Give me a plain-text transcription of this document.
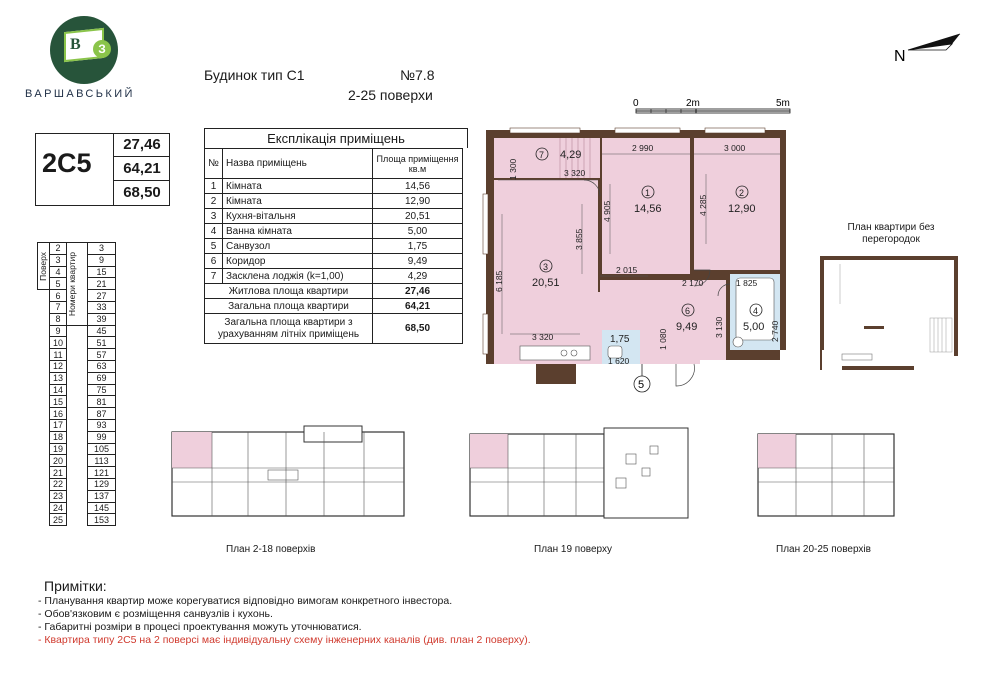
В	З
ВАРШАВСЬКИЙ
Будинок тип С1	№7.8
2-25 поверхи
2С5
27,46
64,21
68,50
Експлікація приміщень
№	Назва приміщень	Площа приміщення кв.м
1	Кімната	14,56
2	Кімната	12,90
3	Кухня-вітальня	20,51
4	Ванна кімната	5,00
5	Санвузол	1,75
6	Коридор	9,49
7	Засклена лоджія (k=1,00)	4,29
Житлова площа квартири		27,46
Загальна площа квартири		64,21
Загальна площа квартири з урахуванням літніх приміщень		68,50
Поверх	2	Номери квартир	3
	3		9
	4		15
	5		21
	6		27
	7		33
	8		39
	9		45
	10		51
	11		57
	12		63
	13		69
	14		75
	15		81
	16		87
	17		93
	18		99
	19		105
	20		113
	21		121
	22		129
	23		137
	24		145
	25		153
N
0	2m	5m
7 4,29
1
14,56
2
12,90
3
20,51
4
5,00
1,75
6
9,49
1 300	3 320
2 990	3 000
4 905	4 285
3 855
6 185
2 015
2 170	1 825
3 130	2 740
3 320
1 620
1 080
5
План квартири без перегородок
План 2-18 поверхів	План 19 поверху	План 20-25 поверхів
Примітки:
- Планування квартир може корегуватися відповідно вимогам конкретного інвестора.
- Обов'язковим є розміщення санвузлів і кухонь.
- Габаритні розміри в процесі проектування можуть уточнюватися.
- Квартира типу 2С5 на 2 поверсі має індивідуальну схему інженерних каналів (див. план 2 поверху).
